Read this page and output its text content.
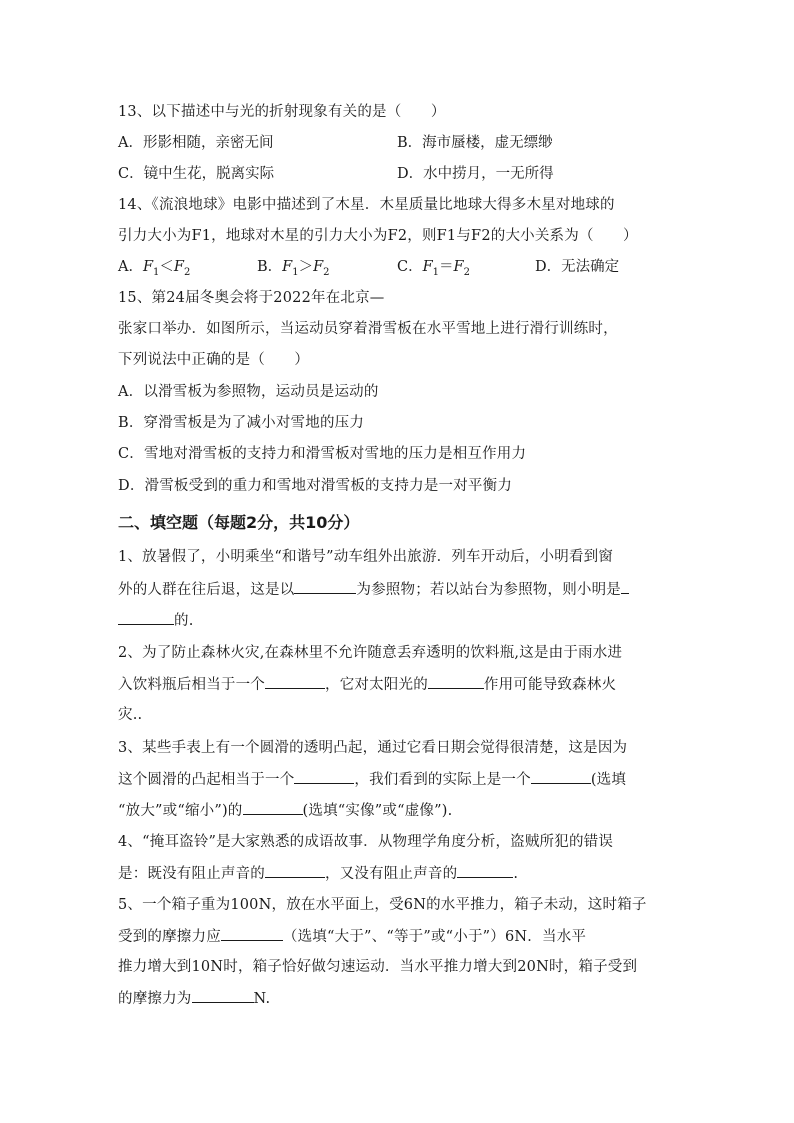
13、以下描述中与光的折射现象有关的是（　　）
A．形影相随，亲密无间	B．海市蜃楼，虚无缥缈
C．镜中生花，脱离实际	D．水中捞月，一无所得
14、《流浪地球》电影中描述到了木星．木星质量比地球大得多木星对地球的
引力大小为F1，地球对木星的引力大小为F2，则F1与F2的大小关系为（　　）
A．$F_1<F_2$	B．$F_1>F_2$	C．$F_1=F_2$	D．无法确定
15、第24届冬奥会将于2022年在北京—
张家口举办．如图所示，当运动员穿着滑雪板在水平雪地上进行滑行训练时，
下列说法中正确的是（　　）
A．以滑雪板为参照物，运动员是运动的
B．穿滑雪板是为了减小对雪地的压力
C．雪地对滑雪板的支持力和滑雪板对雪地的压力是相互作用力
D．滑雪板受到的重力和雪地对滑雪板的支持力是一对平衡力
二、填空题（每题2分，共10分）
1、放暑假了，小明乘坐“和谐号”动车组外出旅游．列车开动后，小明看到窗
外的人群在往后退，这是以	为参照物；若以站台为参照物，则小明是
的.
2、为了防止森林火灾,在森林里不允许随意丢弃透明的饮料瓶,这是由于雨水进
入饮料瓶后相当于一个	，它对太阳光的	作用可能导致森林火
灾..
3、某些手表上有一个圆滑的透明凸起，通过它看日期会觉得很清楚，这是因为
这个圆滑的凸起相当于一个	，我们看到的实际上是一个	(选填
“放大”或“缩小”)的	(选填“实像”或“虚像”).
4、“掩耳盗铃”是大家熟悉的成语故事．从物理学角度分析，盗贼所犯的错误
是：既没有阻止声音的	，又没有阻止声音的	.
5、一个箱子重为100N，放在水平面上，受6N的水平推力，箱子未动，这时箱子
受到的摩擦力应	（选填“大于”、“等于”或“小于”）6N．当水平
推力增大到10N时，箱子恰好做匀速运动．当水平推力增大到20N时，箱子受到
的摩擦力为	N.
